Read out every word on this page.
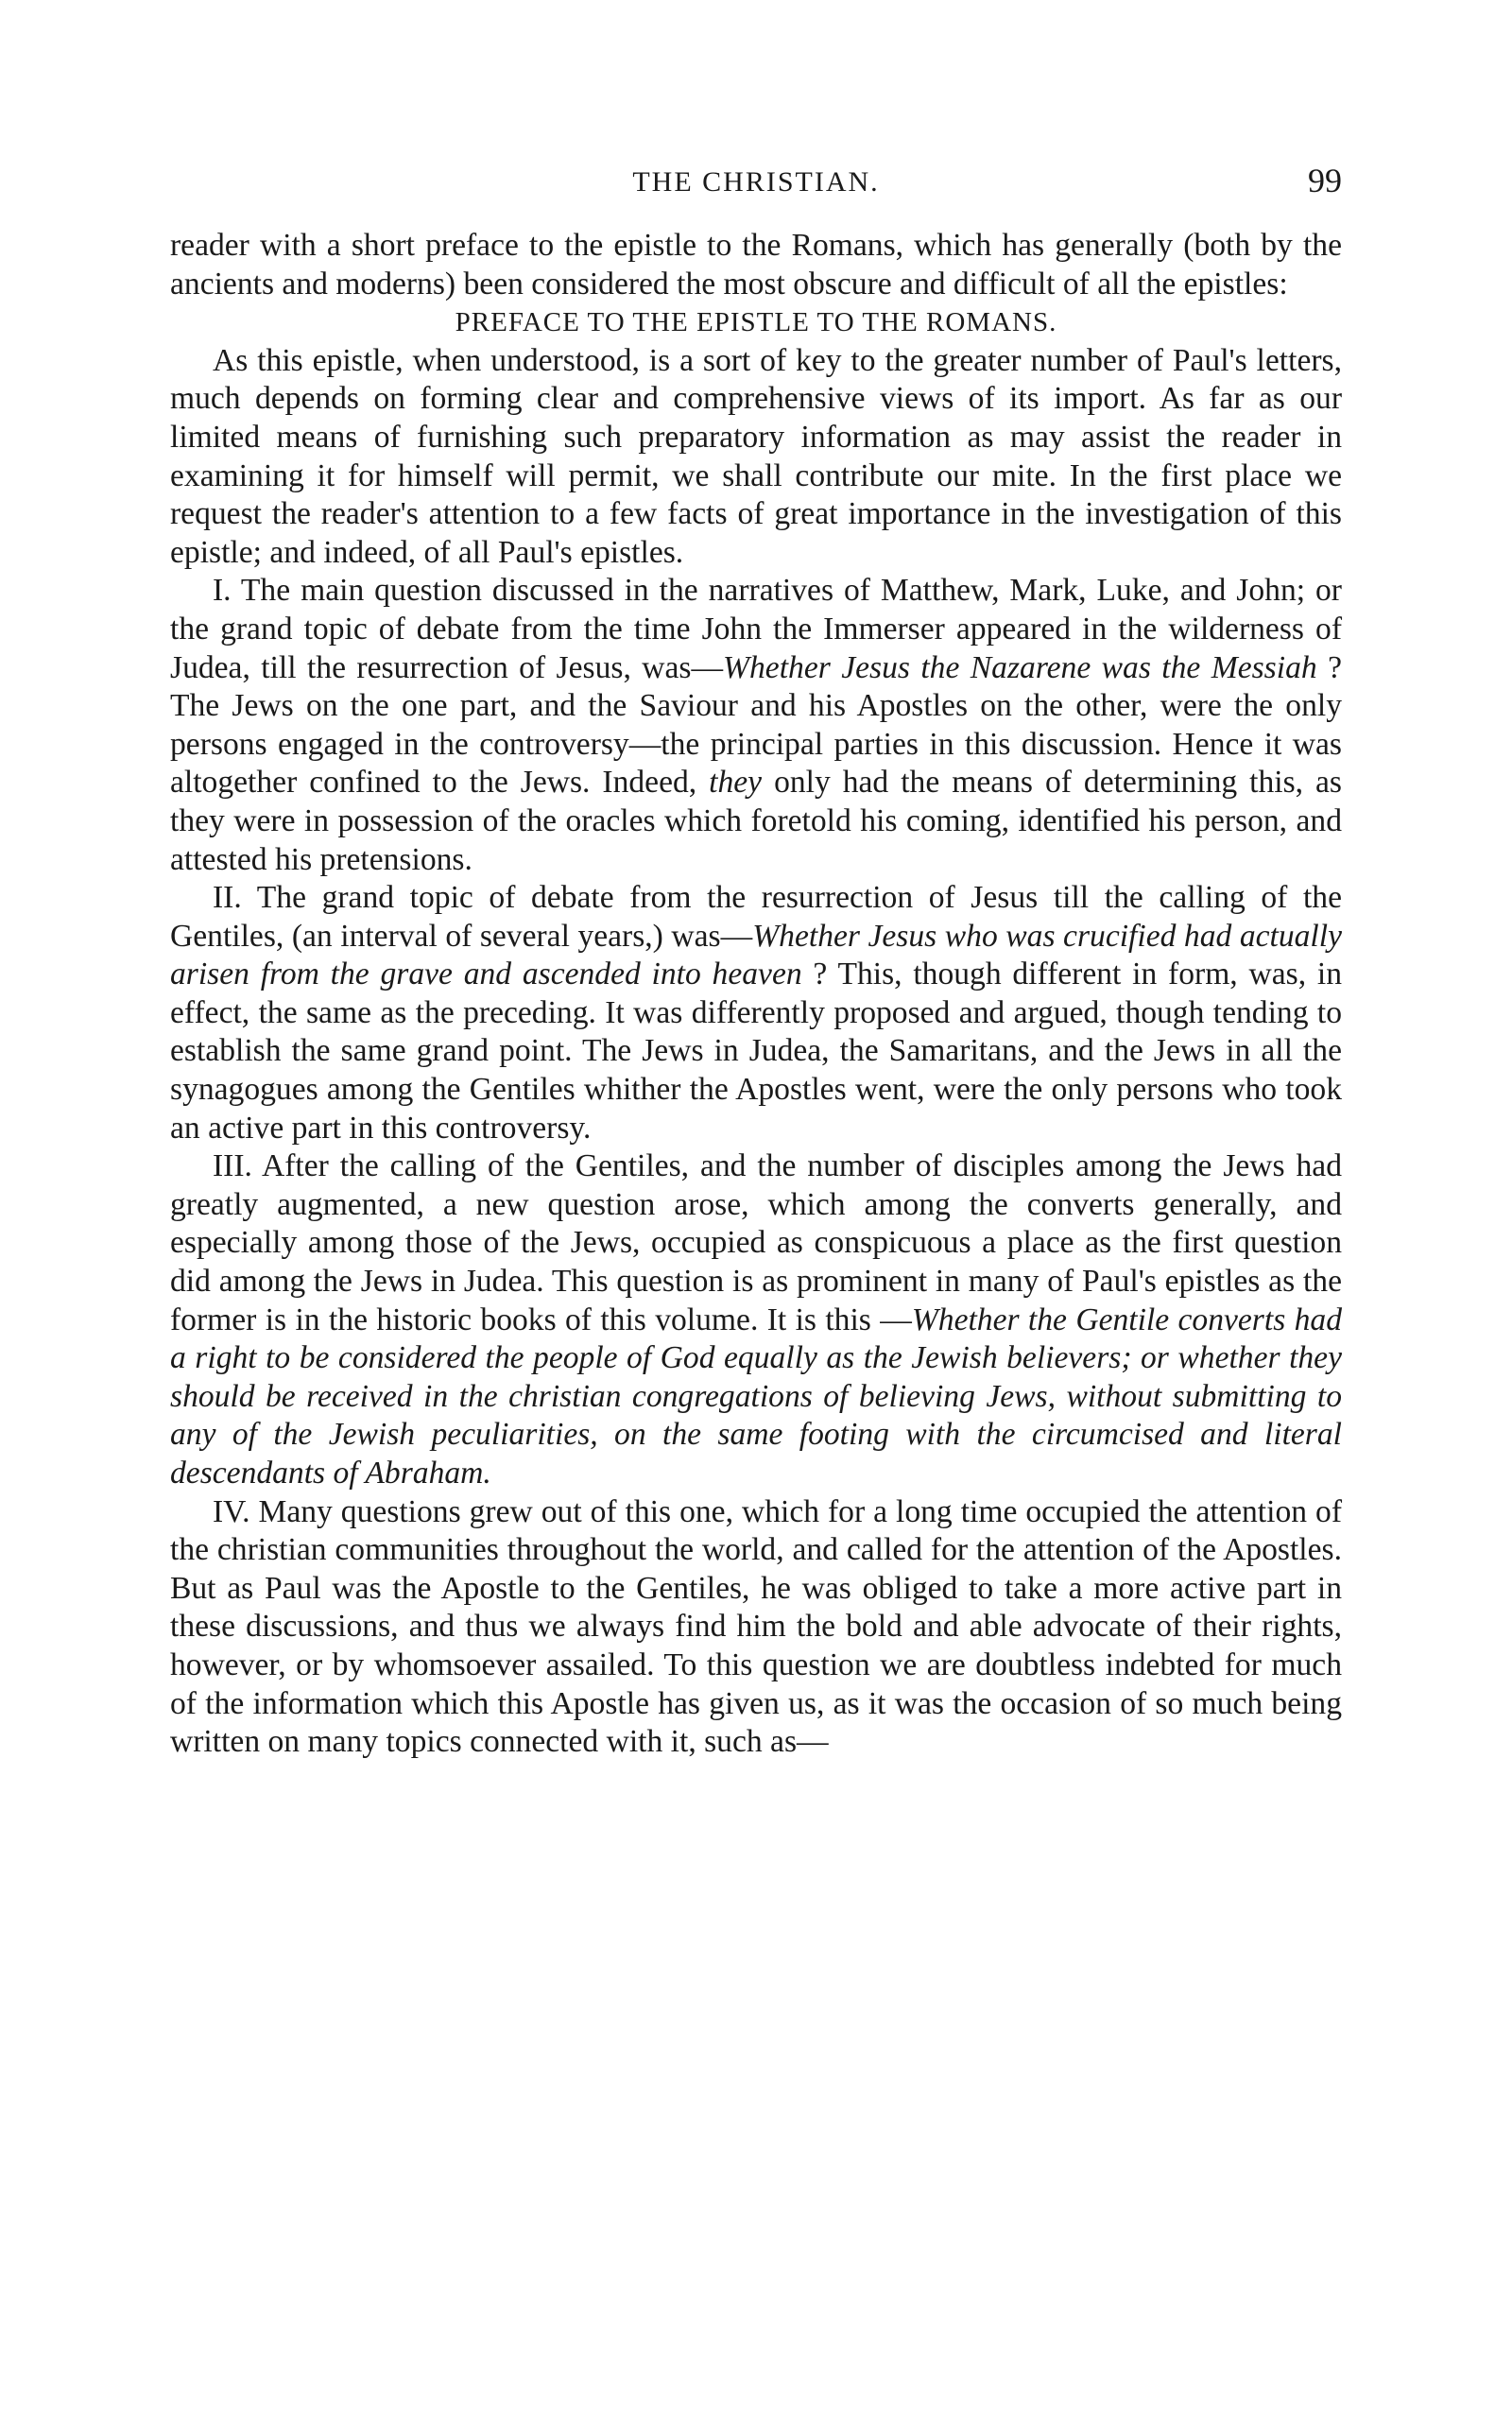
THE CHRISTIAN.	99

reader with a short preface to the epistle to the Romans, which has generally (both by the ancients and moderns) been considered the most obscure and difficult of all the epistles:

PREFACE TO THE EPISTLE TO THE ROMANS.

As this epistle, when understood, is a sort of key to the greater number of Paul's letters, much depends on forming clear and comprehensive views of its import. As far as our limited means of furnishing such preparatory information as may assist the reader in examining it for himself will permit, we shall contribute our mite. In the first place we request the reader's attention to a few facts of great importance in the investigation of this epistle; and indeed, of all Paul's epistles.

I. The main question discussed in the narratives of Matthew, Mark, Luke, and John; or the grand topic of debate from the time John the Immerser appeared in the wilderness of Judea, till the resurrection of Jesus, was—Whether Jesus the Nazarene was the Messiah ? The Jews on the one part, and the Saviour and his Apostles on the other, were the only persons engaged in the controversy—the principal parties in this discussion. Hence it was altogether confined to the Jews. Indeed, they only had the means of determining this, as they were in possession of the oracles which foretold his coming, identified his person, and attested his pretensions.

II. The grand topic of debate from the resurrection of Jesus till the calling of the Gentiles, (an interval of several years,) was—Whether Jesus who was crucified had actually arisen from the grave and ascended into heaven ? This, though different in form, was, in effect, the same as the preceding. It was differently proposed and argued, though tending to establish the same grand point. The Jews in Judea, the Samaritans, and the Jews in all the synagogues among the Gentiles whither the Apostles went, were the only persons who took an active part in this controversy.

III. After the calling of the Gentiles, and the number of disciples among the Jews had greatly augmented, a new question arose, which among the converts generally, and especially among those of the Jews, occupied as conspicuous a place as the first question did among the Jews in Judea. This question is as prominent in many of Paul's epistles as the former is in the historic books of this volume. It is this —Whether the Gentile converts had a right to be considered the people of God equally as the Jewish believers; or whether they should be received in the christian congregations of believing Jews, without submitting to any of the Jewish peculiarities, on the same footing with the circumcised and literal descendants of Abraham.

IV. Many questions grew out of this one, which for a long time occupied the attention of the christian communities throughout the world, and called for the attention of the Apostles. But as Paul was the Apostle to the Gentiles, he was obliged to take a more active part in these discussions, and thus we always find him the bold and able advocate of their rights, however, or by whomsoever assailed. To this question we are doubtless indebted for much of the information which this Apostle has given us, as it was the occasion of so much being written on many topics connected with it, such as—
